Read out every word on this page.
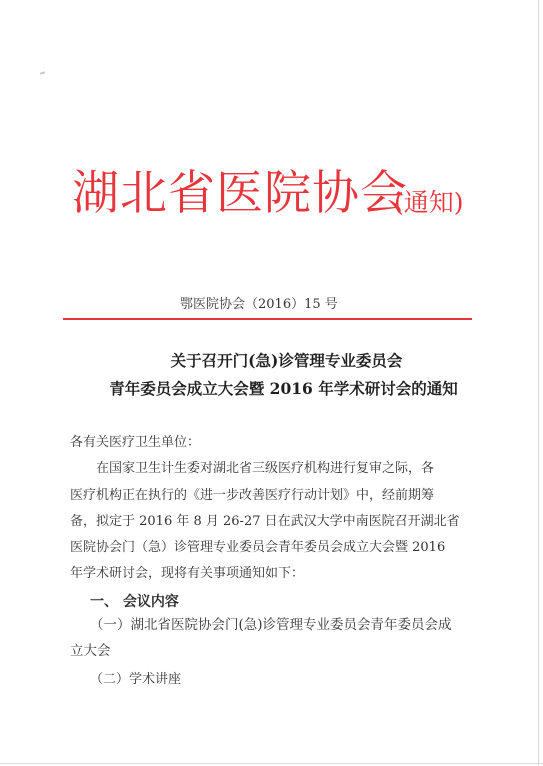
湖北省医院协会
(通知)
鄂医院协会（2016）15 号
关于召开门(急)诊管理专业委员会
青年委员会成立大会暨 2016 年学术研讨会的通知
各有关医疗卫生单位：
在国家卫生计生委对湖北省三级医疗机构进行复审之际，各
医疗机构正在执行的《进一步改善医疗行动计划》中，经前期筹
备，拟定于 2016 年 8 月 26-27 日在武汉大学中南医院召开湖北省
医院协会门（急）诊管理专业委员会青年委员会成立大会暨 2016
年学术研讨会，现将有关事项通知如下：
一、 会议内容
（一）湖北省医院协会门(急)诊管理专业委员会青年委员会成
立大会
（二）学术讲座
